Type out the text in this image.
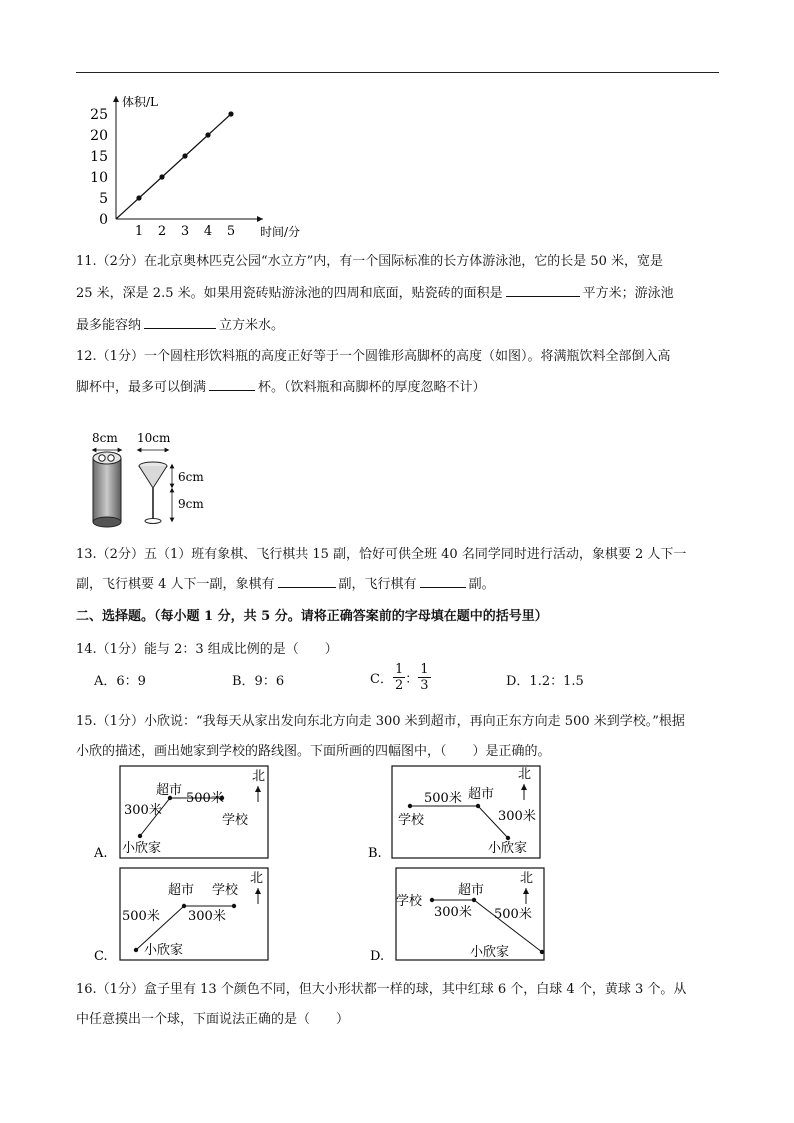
体积/L
时间/分
0
5
10
15
20
25
1 2 3 4 5
11.（2分）在北京奥林匹克公园“水立方”内，有一个国际标准的长方体游泳池，它的长是 50 米，宽是
25 米，深是 2.5 米。如果用瓷砖贴游泳池的四周和底面，贴瓷砖的面积是	平方米；游泳池
最多能容纳	立方米水。
12.（1分）一个圆柱形饮料瓶的高度正好等于一个圆锥形高脚杯的高度（如图）。将满瓶饮料全部倒入高
脚杯中，最多可以倒满	杯。（饮料瓶和高脚杯的厚度忽略不计）
8cm 10cm
6cm
9cm
13.（2分）五（1）班有象棋、飞行棋共 15 副，恰好可供全班 40 名同学同时进行活动，象棋要 2 人下一
副，飞行棋要 4 人下一副，象棋有	副，飞行棋有	副。
二、选择题。（每小题 1 分，共 5 分。请将正确答案前的字母填在题中的括号里）
14.（1分）能与 2：3 组成比例的是（　　）
A．6：9	B．9：6	C． $\frac{1}{2}$ ： $\frac{1}{3}$	D．1.2：1.5
15.（1分）小欣说：“我每天从家出发向东北方向走 300 米到超市，再向正东方向走 500 米到学校。”根据
小欣的描述，画出她家到学校的路线图。下面所画的四幅图中，（　　）是正确的。
北
超市
500米
300米
学校
小欣家
A.
北
500米 超市
学校	300米
小欣家
B.
北
超市 学校
300米
500米
小欣家
C.
北
学校
超市
300米 500米
小欣家
D.
16.（1分）盒子里有 13 个颜色不同，但大小形状都一样的球，其中红球 6 个，白球 4 个，黄球 3 个。从
中任意摸出一个球，下面说法正确的是（　　）
